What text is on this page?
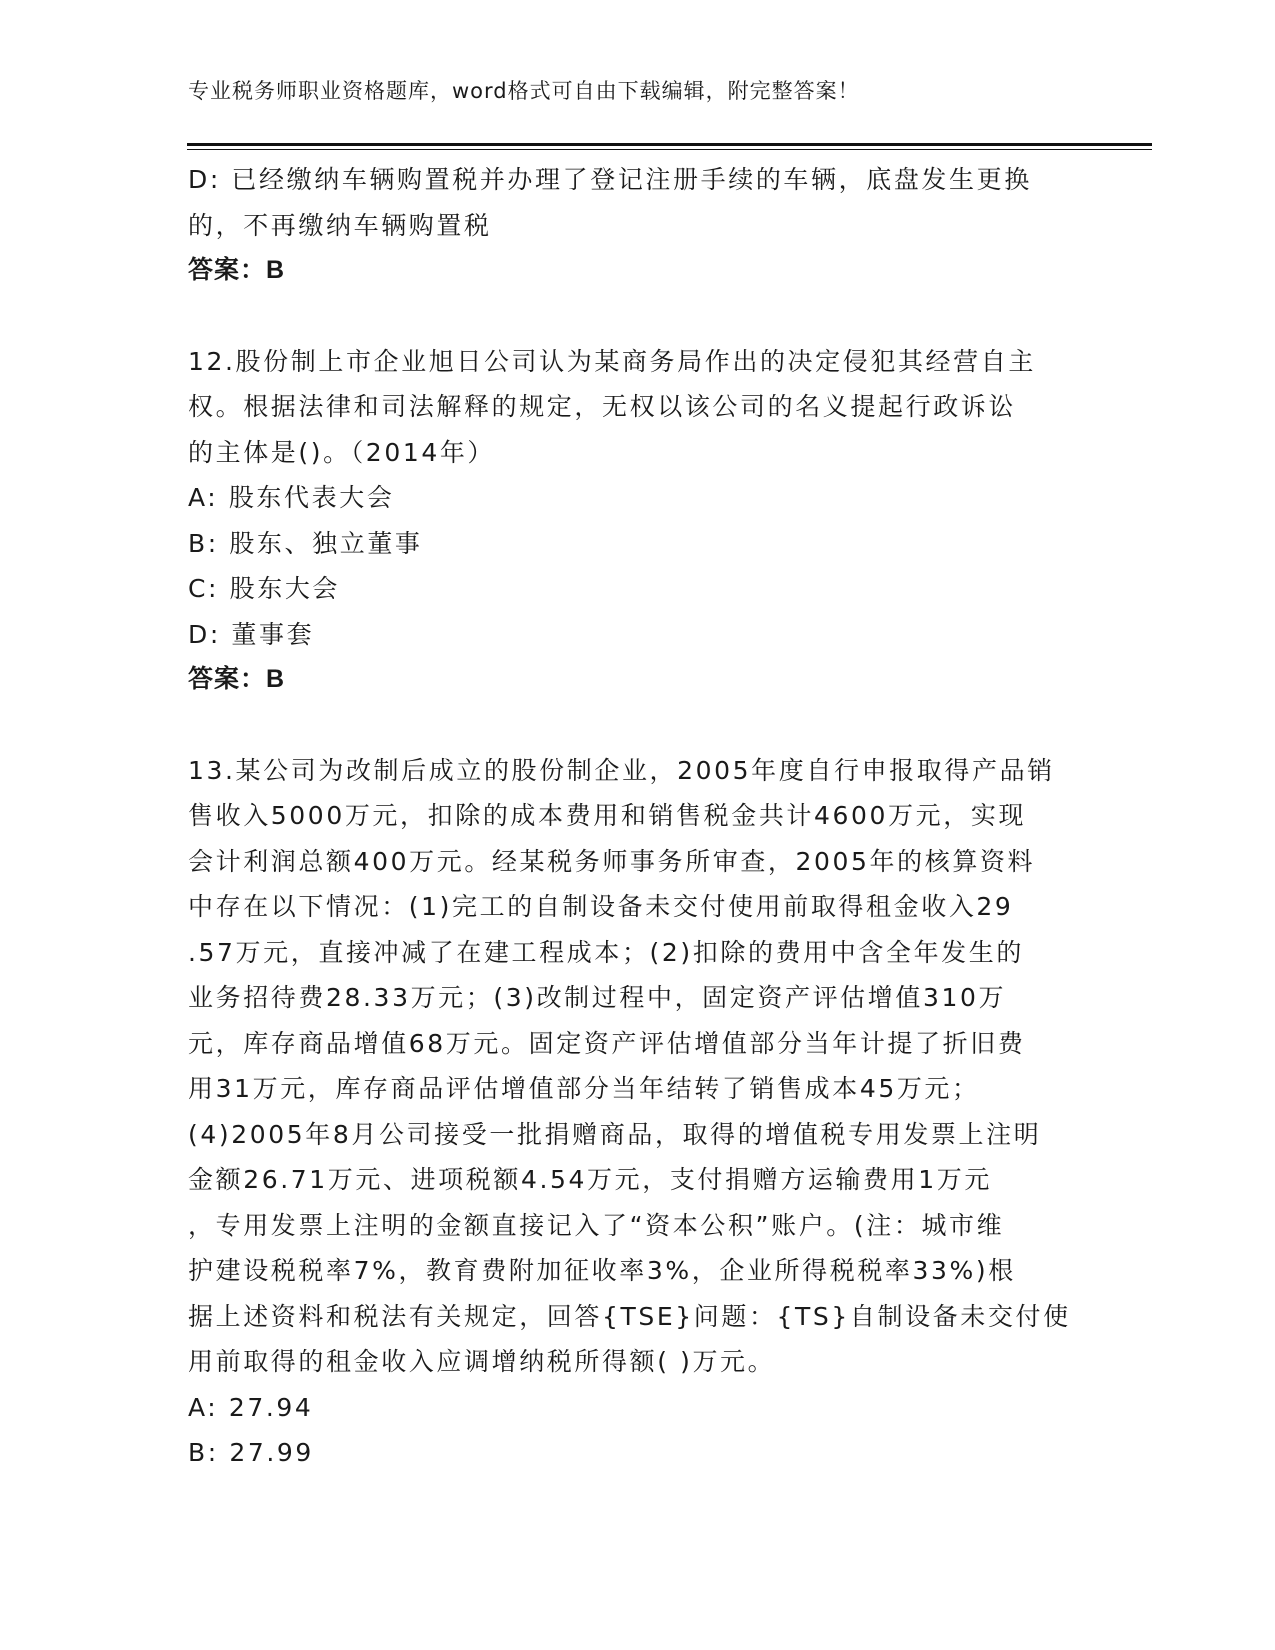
专业税务师职业资格题库，word格式可自由下载编辑，附完整答案！

D: 已经缴纳车辆购置税并办理了登记注册手续的车辆，底盘发生更换

的，不再缴纳车辆购置税

答案：B

12.股份制上市企业旭日公司认为某商务局作出的决定侵犯其经营自主

权。根据法律和司法解释的规定，无权以该公司的名义提起行政诉讼

的主体是()。（2014年）

A: 股东代表大会

B: 股东、独立董事

C: 股东大会

D: 董事套

答案：B

13.某公司为改制后成立的股份制企业，2005年度自行申报取得产品销

售收入5000万元，扣除的成本费用和销售税金共计4600万元，实现

会计利润总额400万元。经某税务师事务所审查，2005年的核算资料

中存在以下情况：(1)完工的自制设备未交付使用前取得租金收入29

.57万元，直接冲减了在建工程成本；(2)扣除的费用中含全年发生的

业务招待费28.33万元；(3)改制过程中，固定资产评估增值310万

元，库存商品增值68万元。固定资产评估增值部分当年计提了折旧费

用31万元，库存商品评估增值部分当年结转了销售成本45万元；

(4)2005年8月公司接受一批捐赠商品，取得的增值税专用发票上注明

金额26.71万元、进项税额4.54万元，支付捐赠方运输费用1万元

，专用发票上注明的金额直接记入了“资本公积”账户。(注：城市维

护建设税税率7%，教育费附加征收率3%，企业所得税税率33%)根

据上述资料和税法有关规定，回答{TSE}问题：{TS}自制设备未交付使

用前取得的租金收入应调增纳税所得额( )万元。

A: 27.94

B: 27.99
